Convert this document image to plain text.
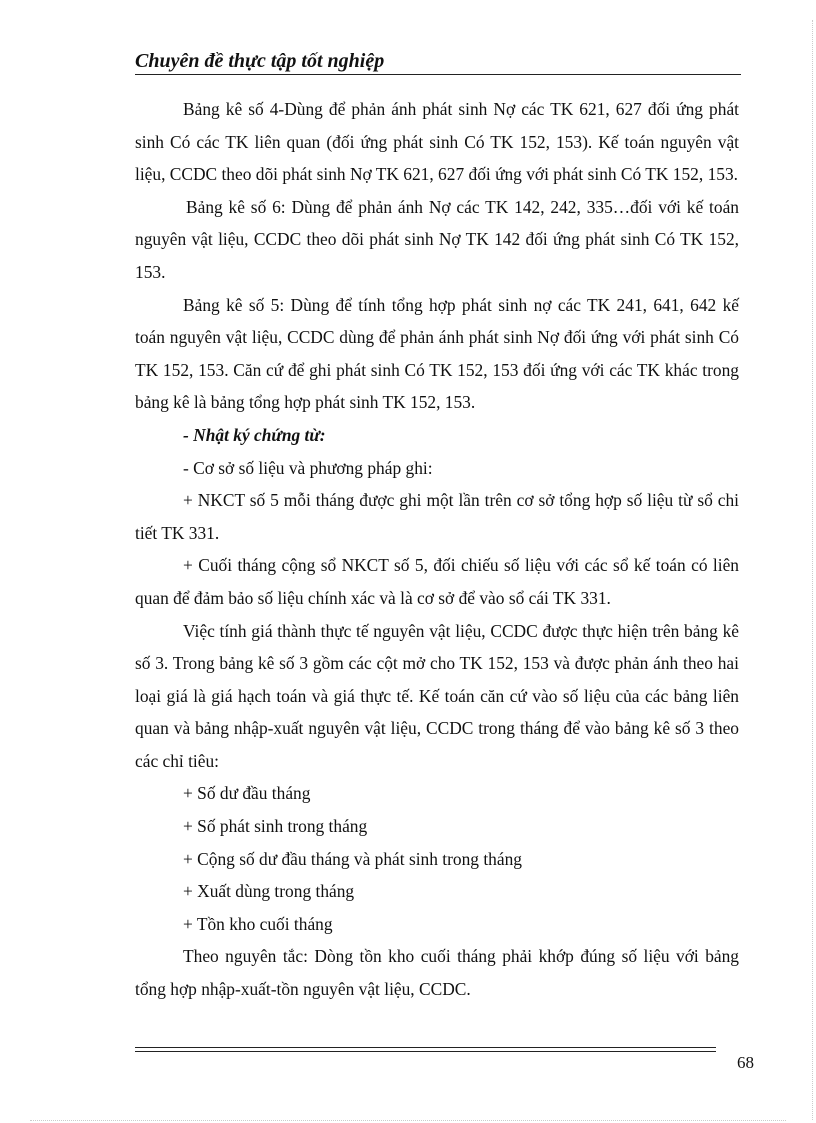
Chuyên đề thực tập tốt nghiệp

Bảng kê số 4-Dùng để phản ánh phát sinh Nợ các TK 621, 627 đối ứng phát sinh Có các TK liên quan (đối ứng phát sinh Có TK 152, 153). Kế toán nguyên vật liệu, CCDC theo dõi phát sinh Nợ TK 621, 627 đối ứng với phát sinh Có TK 152, 153.

Bảng kê số 6: Dùng để phản ánh Nợ các TK 142, 242, 335…đối với kế toán nguyên vật liệu, CCDC theo dõi phát sinh Nợ TK 142 đối ứng phát sinh Có TK 152, 153.

Bảng kê số 5: Dùng để tính tổng hợp phát sinh nợ các TK 241, 641, 642 kế toán nguyên vật liệu, CCDC dùng để phản ánh phát sinh Nợ đối ứng với phát sinh Có TK 152, 153. Căn cứ để ghi phát sinh Có TK 152, 153 đối ứng với các TK khác trong bảng kê là bảng tổng hợp phát sinh TK 152, 153.

- Nhật ký chứng từ:

- Cơ sở số liệu và phương pháp ghi:

+ NKCT số 5 mỗi tháng được ghi một lần trên cơ sở tổng hợp số liệu từ sổ chi tiết TK 331.

+ Cuối tháng cộng sổ NKCT số 5, đối chiếu số liệu với các sổ kế toán có liên quan để đảm bảo số liệu chính xác và là cơ sở để vào sổ cái TK 331.

Việc tính giá thành thực tế nguyên vật liệu, CCDC được thực hiện trên bảng kê số 3. Trong bảng kê số 3 gồm các cột mở cho TK 152, 153 và được phản ánh theo hai loại giá là giá hạch toán và giá thực tế. Kế toán căn cứ vào số liệu của các bảng liên quan và bảng nhập-xuất nguyên vật liệu, CCDC trong tháng để vào bảng kê số 3 theo các chỉ tiêu:

+ Số dư đầu tháng

+ Số phát sinh trong tháng

+ Cộng số dư đầu tháng và phát sinh trong tháng

+ Xuất dùng trong tháng

+ Tồn kho cuối tháng

Theo nguyên tắc: Dòng tồn kho cuối tháng phải khớp đúng số liệu với bảng tổng hợp nhập-xuất-tồn nguyên vật liệu, CCDC.

68
